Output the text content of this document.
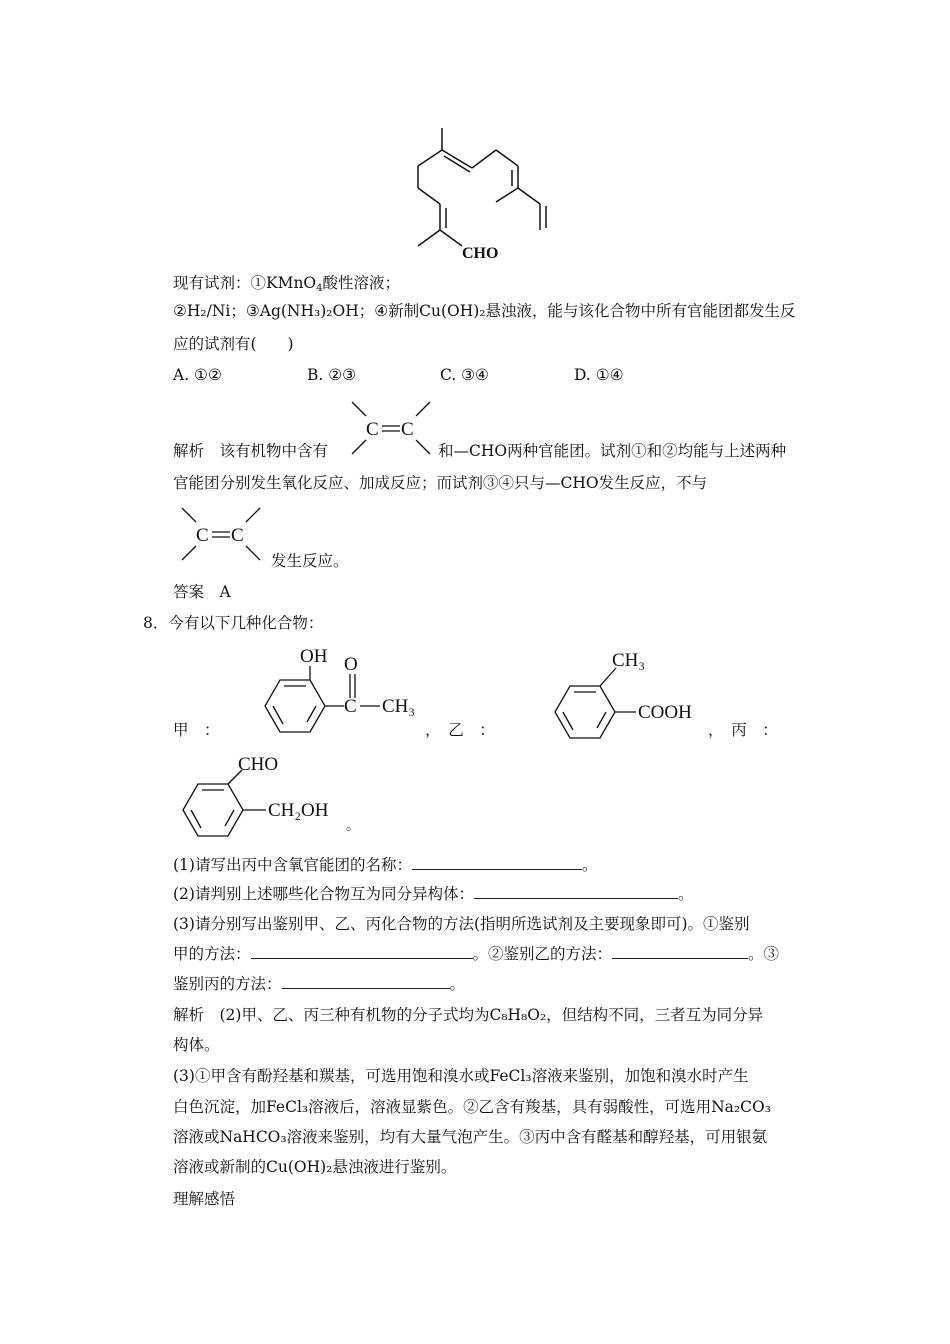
CHO
现有试剂：①KMnO$_4$酸性溶液；
②H₂/Ni；③Ag(NH₃)₂OH；④新制Cu(OH)₂悬浊液，能与该化合物中所有官能团都发生反
应的试剂有(　　)
A. ①②	B. ②③	C. ③④	D. ①④
C C
解析　该有机物中含有	和—CHO两种官能团。试剂①和②均能与上述两种
官能团分别发生氧化反应、加成反应；而试剂③④只与—CHO发生反应，不与
C C
发生反应。
答案　A
8．今有以下几种化合物：
甲　：
OH O
C CH₃
，　乙　：
CH₃
COOH
，　丙　：
CHO
CH₂OH
。
(1)请写出丙中含氧官能团的名称：	。
(2)请判别上述哪些化合物互为同分异构体：	。
(3)请分别写出鉴别甲、乙、丙化合物的方法(指明所选试剂及主要现象即可)。①鉴别
甲的方法：	。②鉴别乙的方法：	。③
鉴别丙的方法：	。
解析　(2)甲、乙、丙三种有机物的分子式均为C₈H₈O₂，但结构不同，三者互为同分异
构体。
(3)①甲含有酚羟基和羰基，可选用饱和溴水或FeCl₃溶液来鉴别，加饱和溴水时产生
白色沉淀，加FeCl₃溶液后，溶液显紫色。②乙含有羧基，具有弱酸性，可选用Na₂CO₃
溶液或NaHCO₃溶液来鉴别，均有大量气泡产生。③丙中含有醛基和醇羟基，可用银氨
溶液或新制的Cu(OH)₂悬浊液进行鉴别。
理解感悟
